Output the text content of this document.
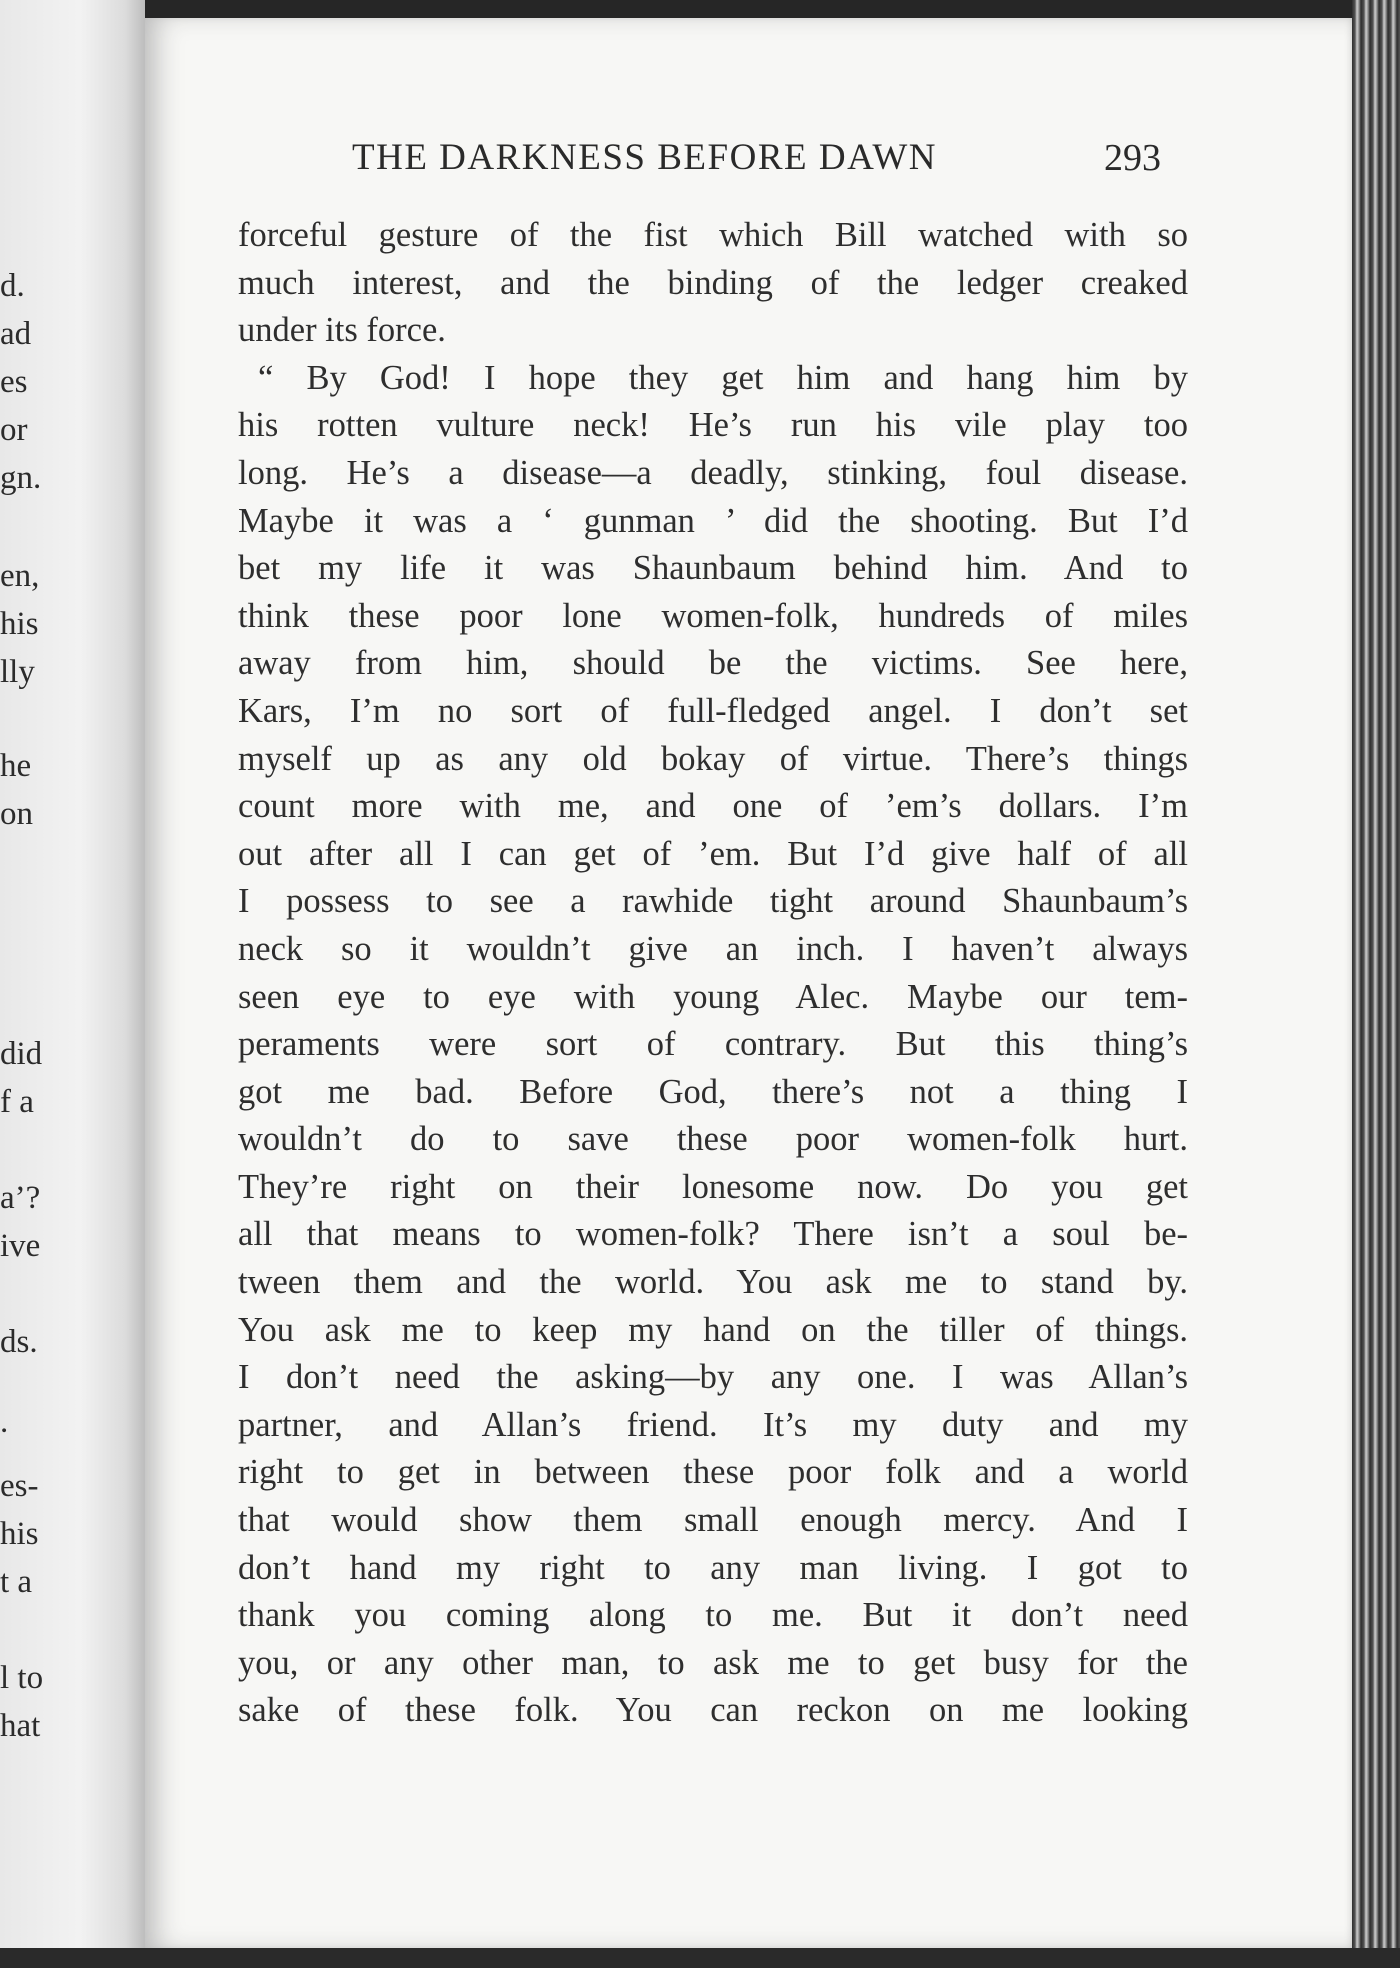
d.
ad
es
or
gn.
en,
his
lly
he
on
did
f a
a’?
ive
ds.
.
es-
his
t a
l to
hat
THE DARKNESS BEFORE DAWN	293
forceful gesture of the fist which Bill watched with so
much interest, and the binding of the ledger creaked
under its force.
“ By God! I hope they get him and hang him by
his rotten vulture neck! He’s run his vile play too
long. He’s a disease—a deadly, stinking, foul disease.
Maybe it was a ‘ gunman ’ did the shooting. But I’d
bet my life it was Shaunbaum behind him. And to
think these poor lone women-folk, hundreds of miles
away from him, should be the victims. See here,
Kars, I’m no sort of full-fledged angel. I don’t set
myself up as any old bokay of virtue. There’s things
count more with me, and one of ’em’s dollars. I’m
out after all I can get of ’em. But I’d give half of all
I possess to see a rawhide tight around Shaunbaum’s
neck so it wouldn’t give an inch. I haven’t always
seen eye to eye with young Alec. Maybe our tem-
peraments were sort of contrary. But this thing’s
got me bad. Before God, there’s not a thing I
wouldn’t do to save these poor women-folk hurt.
They’re right on their lonesome now. Do you get
all that means to women-folk? There isn’t a soul be-
tween them and the world. You ask me to stand by.
You ask me to keep my hand on the tiller of things.
I don’t need the asking—by any one. I was Allan’s
partner, and Allan’s friend. It’s my duty and my
right to get in between these poor folk and a world
that would show them small enough mercy. And I
don’t hand my right to any man living. I got to
thank you coming along to me. But it don’t need
you, or any other man, to ask me to get busy for the
sake of these folk. You can reckon on me looking
